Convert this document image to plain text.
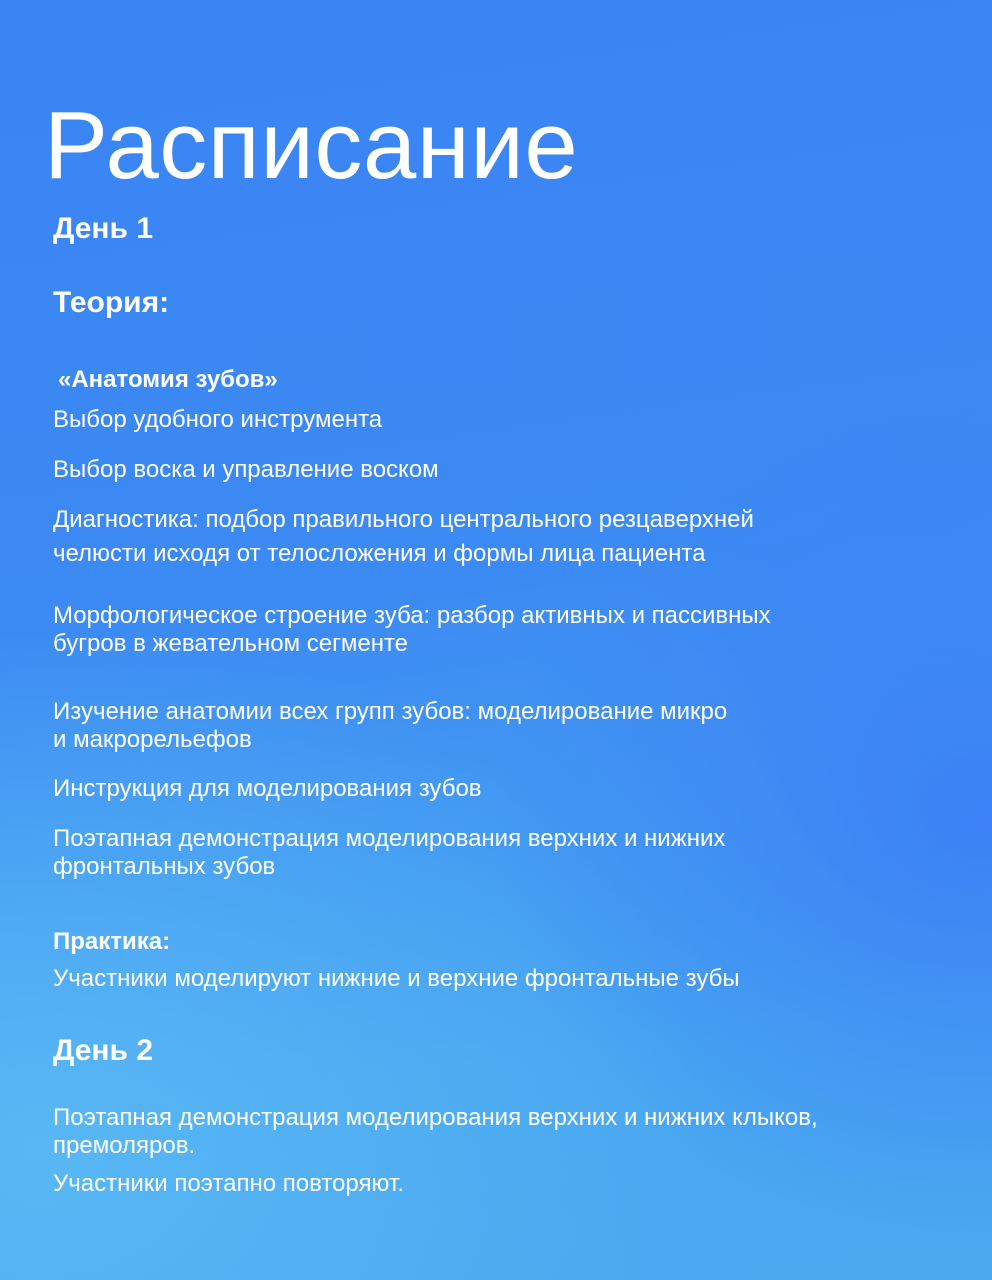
Расписание
День 1
Теория:

«Анатомия зубов»

Выбор удобного инструмента

Выбор воска и управление воском

Диагностика: подбор правильного центрального резцаверхней

челюсти исходя от телосложения и формы лица пациента

Морфологическое строение зуба: разбор активных и пассивных

бугров в жевательном сегменте

Изучение анатомии всех групп зубов: моделирование микро

и макрорельефов

Инструкция для моделирования зубов

Поэтапная демонстрация моделирования верхних и нижних

фронтальных зубов

Практика:

Участники моделируют нижние и верхние фронтальные зубы

День 2

Поэтапная демонстрация моделирования верхних и нижних клыков,

премоляров.

Участники поэтапно повторяют.
